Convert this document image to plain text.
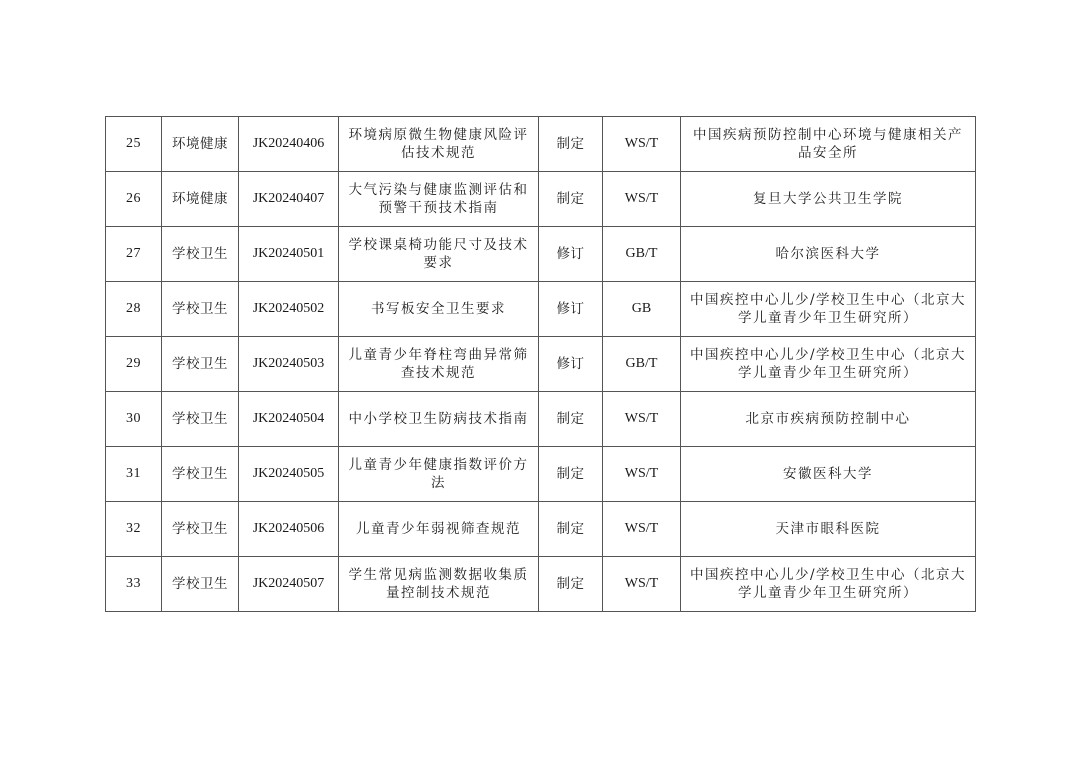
25	环境健康	JK20240406	环境病原微生物健康风险评估技术规范	制定	WS/T	中国疾病预防控制中心环境与健康相关产品安全所
26	环境健康	JK20240407	大气污染与健康监测评估和预警干预技术指南	制定	WS/T	复旦大学公共卫生学院
27	学校卫生	JK20240501	学校课桌椅功能尺寸及技术要求	修订	GB/T	哈尔滨医科大学
28	学校卫生	JK20240502	书写板安全卫生要求	修订	GB	中国疾控中心儿少/学校卫生中心（北京大学儿童青少年卫生研究所）
29	学校卫生	JK20240503	儿童青少年脊柱弯曲异常筛查技术规范	修订	GB/T	中国疾控中心儿少/学校卫生中心（北京大学儿童青少年卫生研究所）
30	学校卫生	JK20240504	中小学校卫生防病技术指南	制定	WS/T	北京市疾病预防控制中心
31	学校卫生	JK20240505	儿童青少年健康指数评价方法	制定	WS/T	安徽医科大学
32	学校卫生	JK20240506	儿童青少年弱视筛查规范	制定	WS/T	天津市眼科医院
33	学校卫生	JK20240507	学生常见病监测数据收集质量控制技术规范	制定	WS/T	中国疾控中心儿少/学校卫生中心（北京大学儿童青少年卫生研究所）
